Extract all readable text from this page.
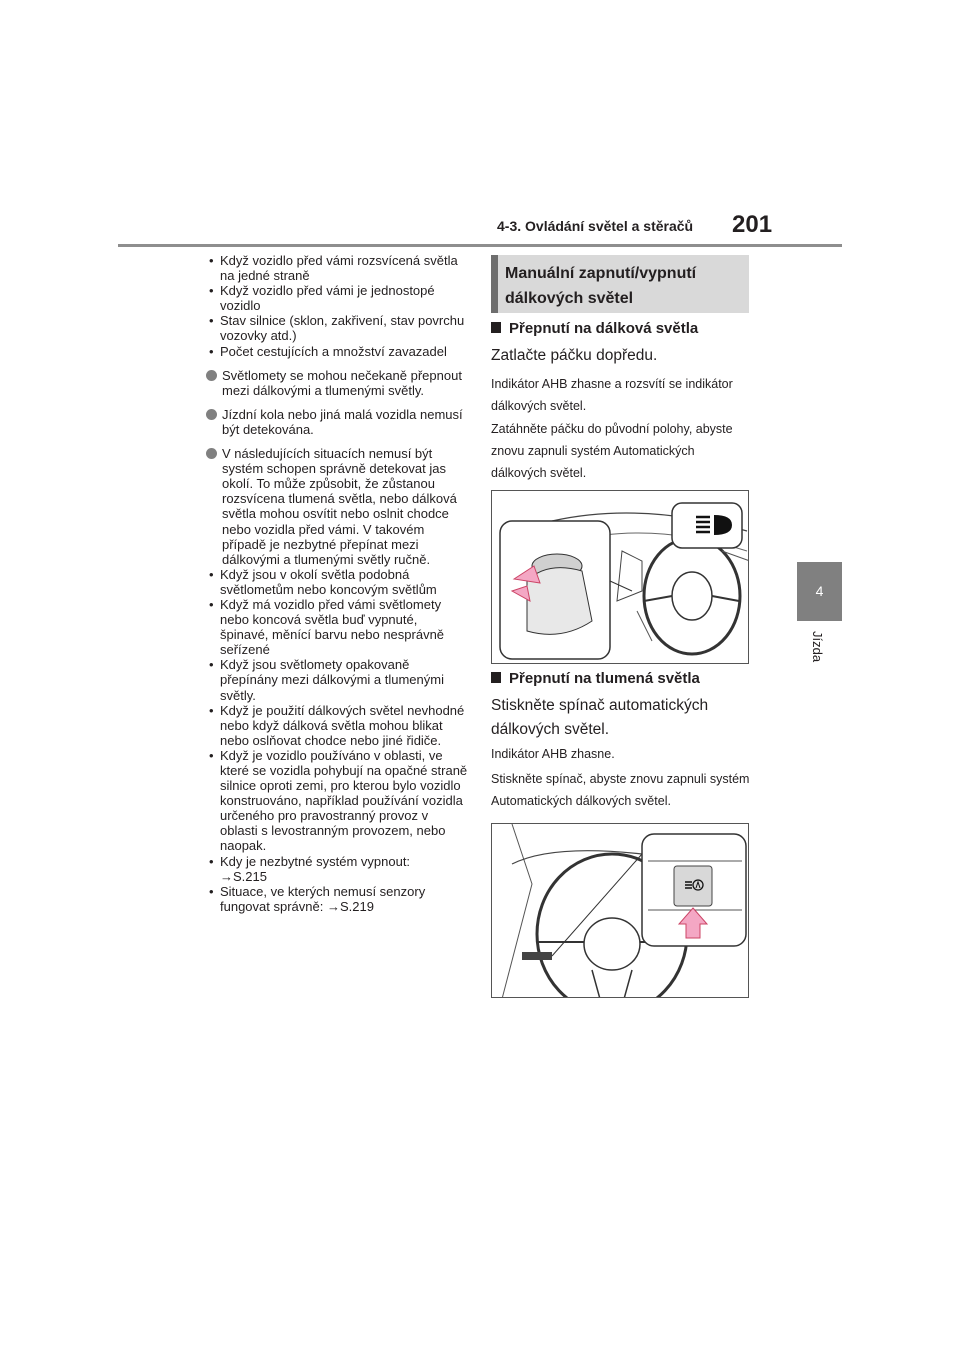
4-3. Ovládání světel a stěračů 201
4
Jízda

• Když vozidlo před vámi rozsvícená světla na jedné straně

• Když vozidlo před vámi je jednostopé vozidlo

• Stav silnice (sklon, zakřivení, stav povrchu vozovky atd.)

• Počet cestujících a množství zavazadel

Světlomety se mohou nečekaně přepnout mezi dálkovými a tlumenými světly.

Jízdní kola nebo jiná malá vozidla nemusí být detekována.

V následujících situacích nemusí být systém schopen správně detekovat jas okolí. To může způsobit, že zůstanou rozsvícena tlumená světla, nebo dálková světla mohou osvítit nebo oslnit chodce nebo vozidla před vámi. V takovém případě je nezbytné přepínat mezi dálkovými a tlumenými světly ručně.

• Když jsou v okolí světla podobná světlometům nebo koncovým světlům

• Když má vozidlo před vámi světlomety nebo koncová světla buď vypnuté, špinavé, měnící barvu nebo nesprávně seřízené

• Když jsou světlomety opakovaně přepínány mezi dálkovými a tlumenými světly.

• Když je použití dálkových světel nevhodné nebo když dálková světla mohou blikat nebo oslňovat chodce nebo jiné řidiče.

• Když je vozidlo používáno v oblasti, ve které se vozidla pohybují na opačné straně silnice oproti zemi, pro kterou bylo vozidlo konstruováno, například používání vozidla určeného pro pravostranný provoz v oblasti s levostranným provozem, nebo naopak.

• Kdy je nezbytné systém vypnout:
→S.215

• Situace, ve kterých nemusí senzory fungovat správně: →S.219

Manuální zapnutí/vypnutí dálkových světel
Přepnutí na dálková světla
Zatlačte páčku dopředu.
Indikátor AHB zhasne a rozsvítí se indikátor dálkových světel.
Zatáhněte páčku do původní polohy, abyste znovu zapnuli systém Automatických dálkových světel.
Přepnutí na tlumená světla
Stiskněte spínač automatických dálkových světel.
Indikátor AHB zhasne.
Stiskněte spínač, abyste znovu zapnuli systém Automatických dálkových světel.
